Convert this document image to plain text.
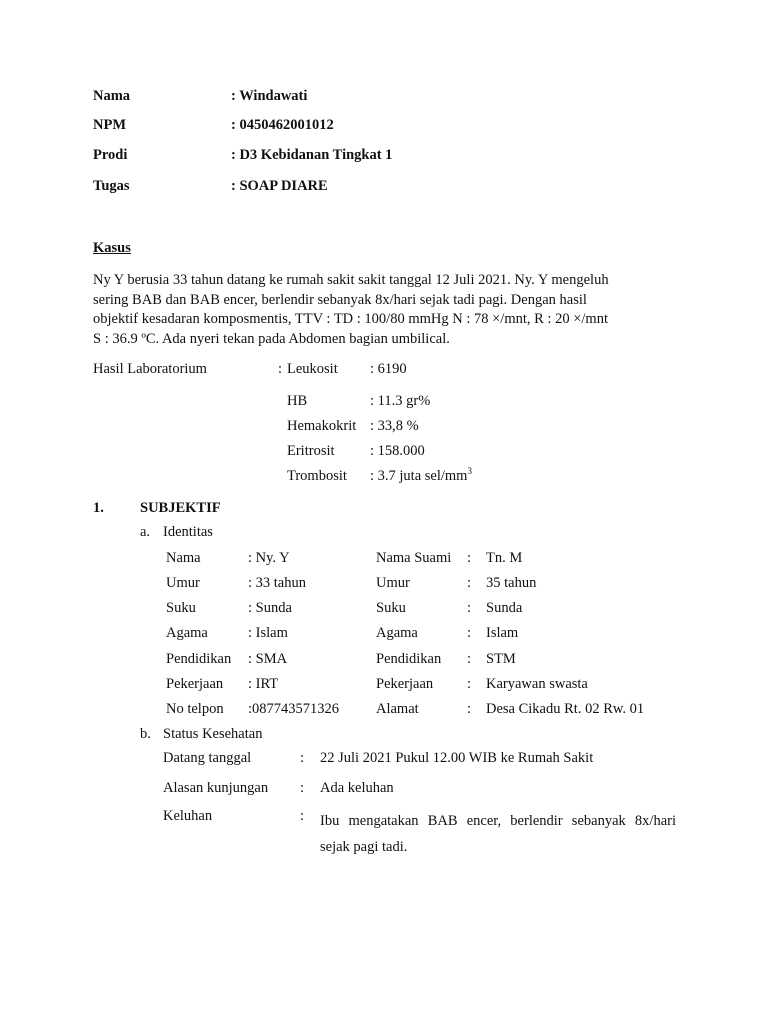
Nama	: Windawati
NPM	: 0450462001012
Prodi	: D3 Kebidanan Tingkat 1
Tugas	: SOAP DIARE
Kasus
Ny Y berusia 33 tahun datang ke rumah sakit sakit tanggal 12 Juli 2021. Ny. Y mengeluh
sering BAB dan BAB encer, berlendir sebanyak 8x/hari sejak tadi pagi. Dengan hasil
objektif kesadaran komposmentis, TTV : TD : 100/80 mmHg N : 78 ×/mnt, R : 20 ×/mnt
S : 36.9 ºC. Ada nyeri tekan pada Abdomen bagian umbilical.
Hasil Laboratorium	: Leukosit : 6190
HB	: 11.3 gr%
Hemakokrit : 33,8 %
Eritrosit : 158.000
Trombosit : 3.7 juta sel/$mm^3$
1. SUBJEKTIF
a. Identitas
Nama	: Ny. Y	Nama Suami : Tn. M
Umur	: 33 tahun	Umur	: 35 tahun
Suku	: Sunda	Suku	: Sunda
Agama	: Islam	Agama	: Islam
Pendidikan : SMA	Pendidikan : STM
Pekerjaan : IRT	Pekerjaan : Karyawan swasta
No telpon :087743571326	Alamat	: Desa Cikadu Rt. 02 Rw. 01
b. Status Kesehatan
Datang tanggal	: 22 Juli 2021 Pukul 12.00 WIB ke Rumah Sakit
Alasan kunjungan : Ada keluhan
Keluhan	: Ibu mengatakan BAB encer, berlendir sebanyak 8x/hari sejak pagi tadi.
